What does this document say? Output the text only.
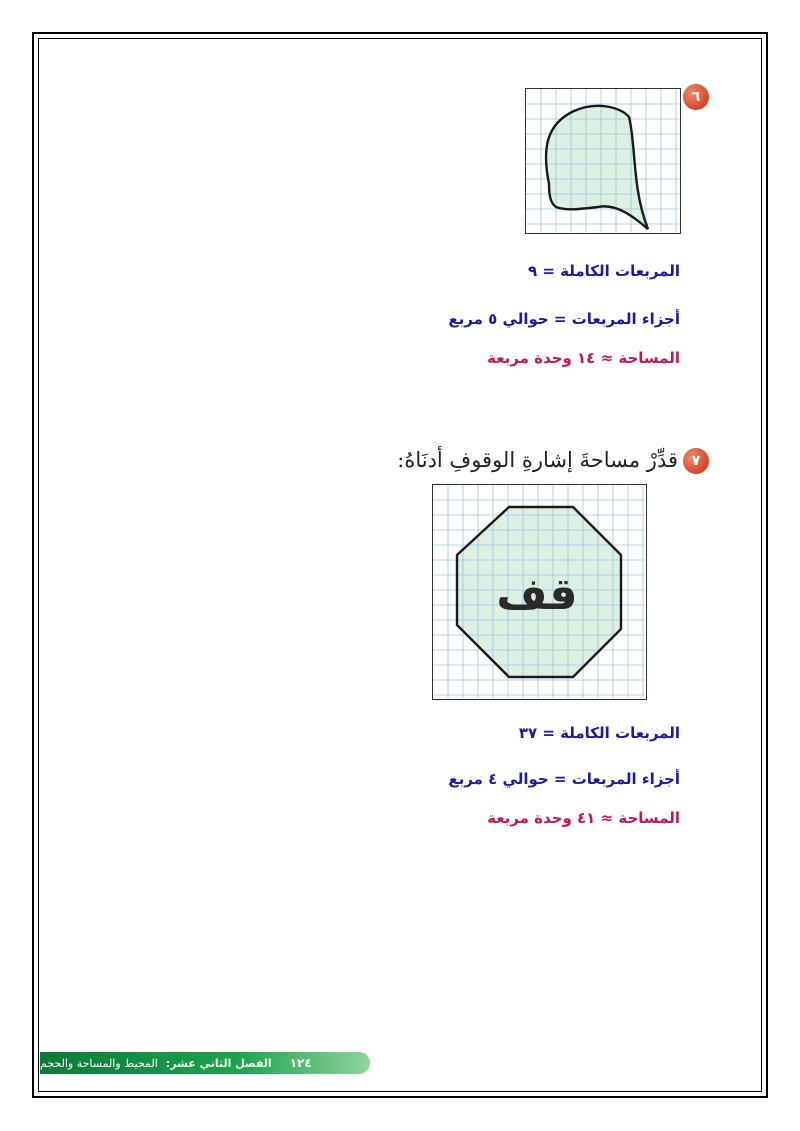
٦
المربعات الكاملة = ٩
أجزاء المربعات = حوالي ٥ مربع
المساحة ≈ ١٤ وحدة مربعة
٧
قدِّرْ مساحةَ إشارةِ الوقوفِ أدنَاهُ:
قف
المربعات الكاملة = ٣٧
أجزاء المربعات = حوالي ٤ مربع
المساحة ≈ ٤١ وحدة مربعة
١٢٤
الفصل الثاني عشر:
المحيط والمساحة والحجم
